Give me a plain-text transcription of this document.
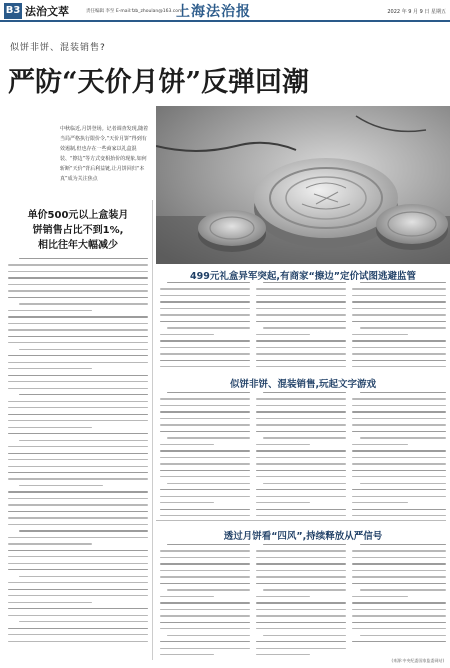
B3 法治文萃	责任编辑 李至 E-mail:fzb_zhoulan@163.com
上海法治报	2022 年 9 月 9 日 星期五
似饼非饼、混装销售?
严防“天价月饼”反弹回潮
中秋临近,月饼登场。记者调查发现,随着当局严格执行限价令,“天价月饼”得到有效遏制,但也存在一些商家以礼盒混装、“擦边”等方式变相抬价的现象,如何斩断“天价”背后利益链,让月饼回归“本真”成为关注焦点
单价500元以上盒装月
饼销售占比不到1%,
相比往年大幅减少
499元礼盒异军突起,有商家“擦边”定价试图逃避监管
似饼非饼、混装销售,玩起文字游戏
透过月饼看“四风”,持续释放从严信号
(来源:中央纪委国家监委网站)
